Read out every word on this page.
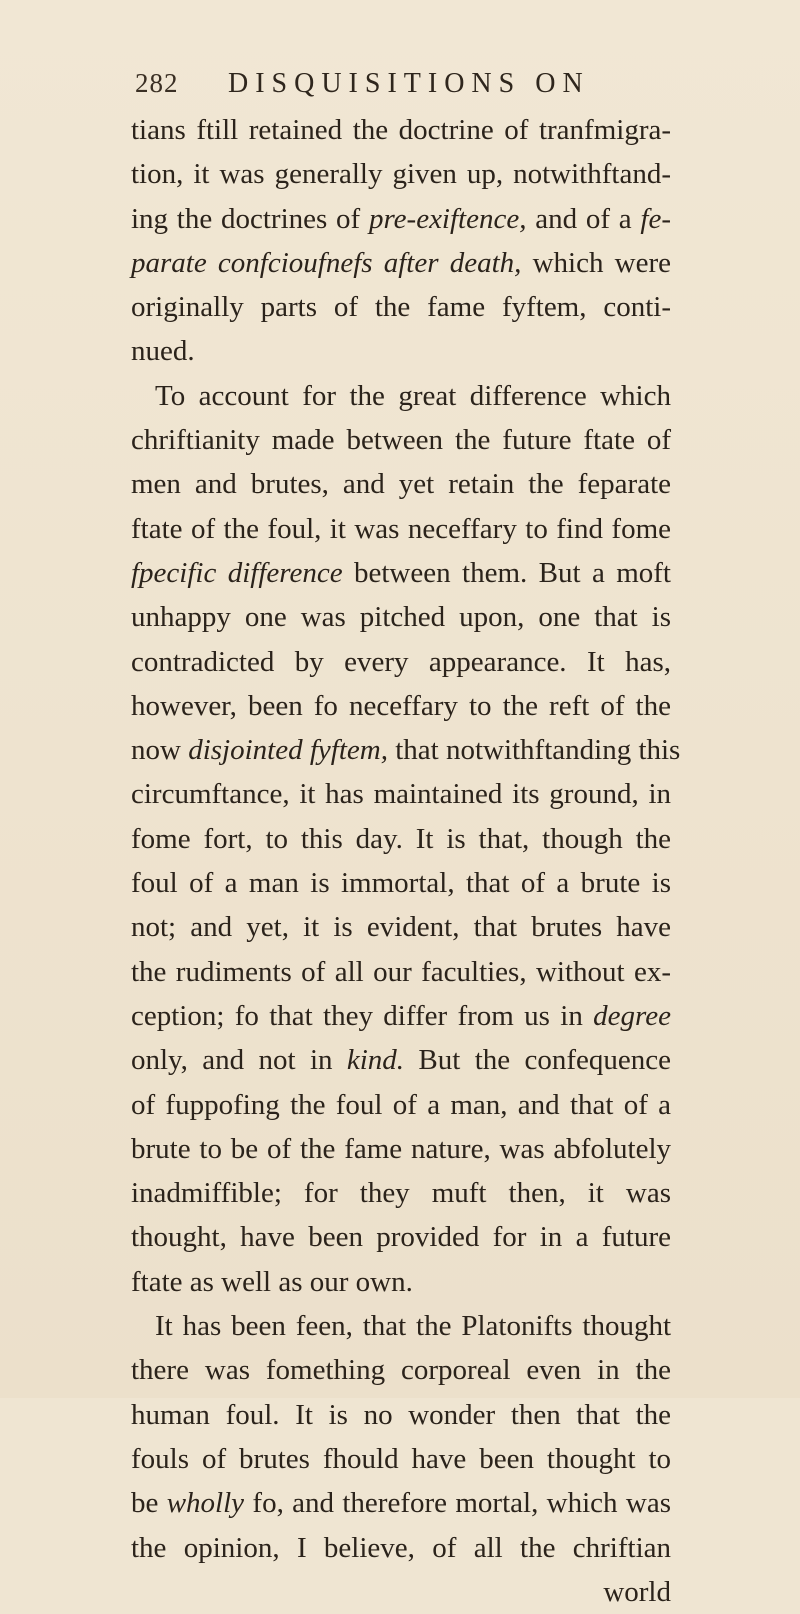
282 DISQUISITIONS ON
tians ftill retained the doctrine of tranfmigra-
tion, it was generally given up, notwithftand-
ing the doctrines of pre-exiftence, and of a fe-
parate confcioufnefs after death, which were
originally parts of the fame fyftem, conti-
nued.
To account for the great difference which
chriftianity made between the future ftate of
men and brutes, and yet retain the feparate
ftate of the foul, it was neceffary to find fome
fpecific difference between them. But a moft
unhappy one was pitched upon, one that is
contradicted by every appearance. It has,
however, been fo neceffary to the reft of the
now disjointed fyftem, that notwithftanding this
circumftance, it has maintained its ground, in
fome fort, to this day. It is that, though the
foul of a man is immortal, that of a brute is
not; and yet, it is evident, that brutes have
the rudiments of all our faculties, without ex-
ception; fo that they differ from us in degree
only, and not in kind. But the confequence
of fuppofing the foul of a man, and that of a
brute to be of the fame nature, was abfolutely
inadmiffible; for they muft then, it was
thought, have been provided for in a future
ftate as well as our own.
It has been feen, that the Platonifts thought
there was fomething corporeal even in the
human foul. It is no wonder then that the
fouls of brutes fhould have been thought to
be wholly fo, and therefore mortal, which was
the opinion, I believe, of all the chriftian
world
